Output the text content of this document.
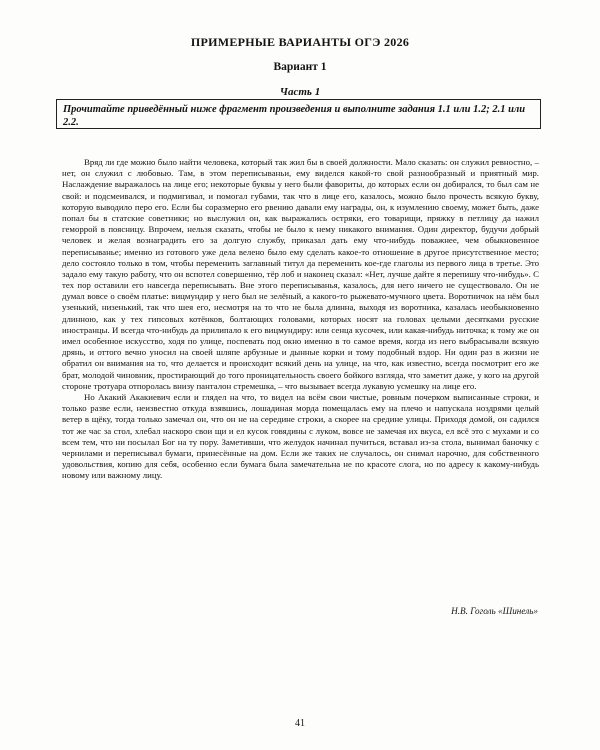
ПРИМЕРНЫЕ ВАРИАНТЫ ОГЭ 2026
Вариант 1
Часть 1
Прочитайте приведённый ниже фрагмент произведения и выполните задания 1.1 или 1.2; 2.1 или 2.2.

Вряд ли где можно было найти человека, который так жил бы в своей должности. Мало сказать: он служил ревностно, – нет, он служил с любовью. Там, в этом переписываньи, ему виделся какой-то свой разнообразный и приятный мир. Наслаждение выражалось на лице его; некоторые буквы у него были фавориты, до которых если он добирался, то был сам не свой: и подсмеивался, и подмигивал, и помогал губами, так что в лице его, казалось, можно было прочесть всякую букву, которую выводило перо его. Если бы соразмерно его рвению давали ему награды, он, к изумлению своему, может быть, даже попал бы в статские советники; но выслужил он, как выражались остряки, его товарищи, пряжку в петлицу да нажил геморрой в поясницу. Впрочем, нельзя сказать, чтобы не было к нему никакого внимания. Один директор, будучи добрый человек и желая вознаградить его за долгую службу, приказал дать ему что-нибудь поважнее, чем обыкновенное переписыванье; именно из готового уже дела велено было ему сделать какое-то отношение в другое присутственное место; дело состояло только в том, чтобы переменить заглавный титул да переменить кое-где глаголы из первого лица в третье. Это задало ему такую работу, что он вспотел совершенно, тёр лоб и наконец сказал: «Нет, лучше дайте я перепишу что-нибудь». С тех пор оставили его навсегда переписывать. Вне этого переписыванья, казалось, для него ничего не существовало. Он не думал вовсе о своём платье: вицмундир у него был не зелёный, а какого-то рыжевато-мучного цвета. Воротничок на нём был узенький, низенький, так что шея его, несмотря на то что не была длинна, выходя из воротника, казалась необыкновенно длинною, как у тех гипсовых котёнков, болтающих головами, которых носят на головах целыми десятками русские иностранцы. И всегда что-нибудь да прилипало к его вицмундиру: или сенца кусочек, или какая-нибудь ниточка; к тому же он имел особенное искусство, ходя по улице, поспевать под окно именно в то самое время, когда из него выбрасывали всякую дрянь, и оттого вечно уносил на своей шляпе арбузные и дынные корки и тому подобный вздор. Ни один раз в жизни не обратил он внимания на то, что делается и происходит всякий день на улице, на что, как известно, всегда посмотрит его же брат, молодой чиновник, простирающий до того проницательность своего бойкого взгляда, что заметит даже, у кого на другой стороне тротуара отпоролась внизу панталон стремешка, – что вызывает всегда лукавую усмешку на лице его.

Но Акакий Акакиевич если и глядел на что, то видел на всём свои чистые, ровным почерком выписанные строки, и только разве если, неизвестно откуда взявшись, лошадиная морда помещалась ему на плечо и напускала ноздрями целый ветер в щёку, тогда только замечал он, что он не на середине строки, а скорее на средине улицы. Приходя домой, он садился тот же час за стол, хлебал наскоро свои щи и ел кусок говядины с луком, вовсе не замечая их вкуса, ел всё это с мухами и со всем тем, что ни посылал Бог на ту пору. Заметивши, что желудок начинал пучиться, вставал из-за стола, вынимал баночку с чернилами и переписывал бумаги, принесённые на дом. Если же таких не случалось, он снимал нарочно, для собственного удовольствия, копию для себя, особенно если бумага была замечательна не по красоте слога, но по адресу к какому-нибудь новому или важному лицу.

Н.В. Гоголь «Шинель»
41
